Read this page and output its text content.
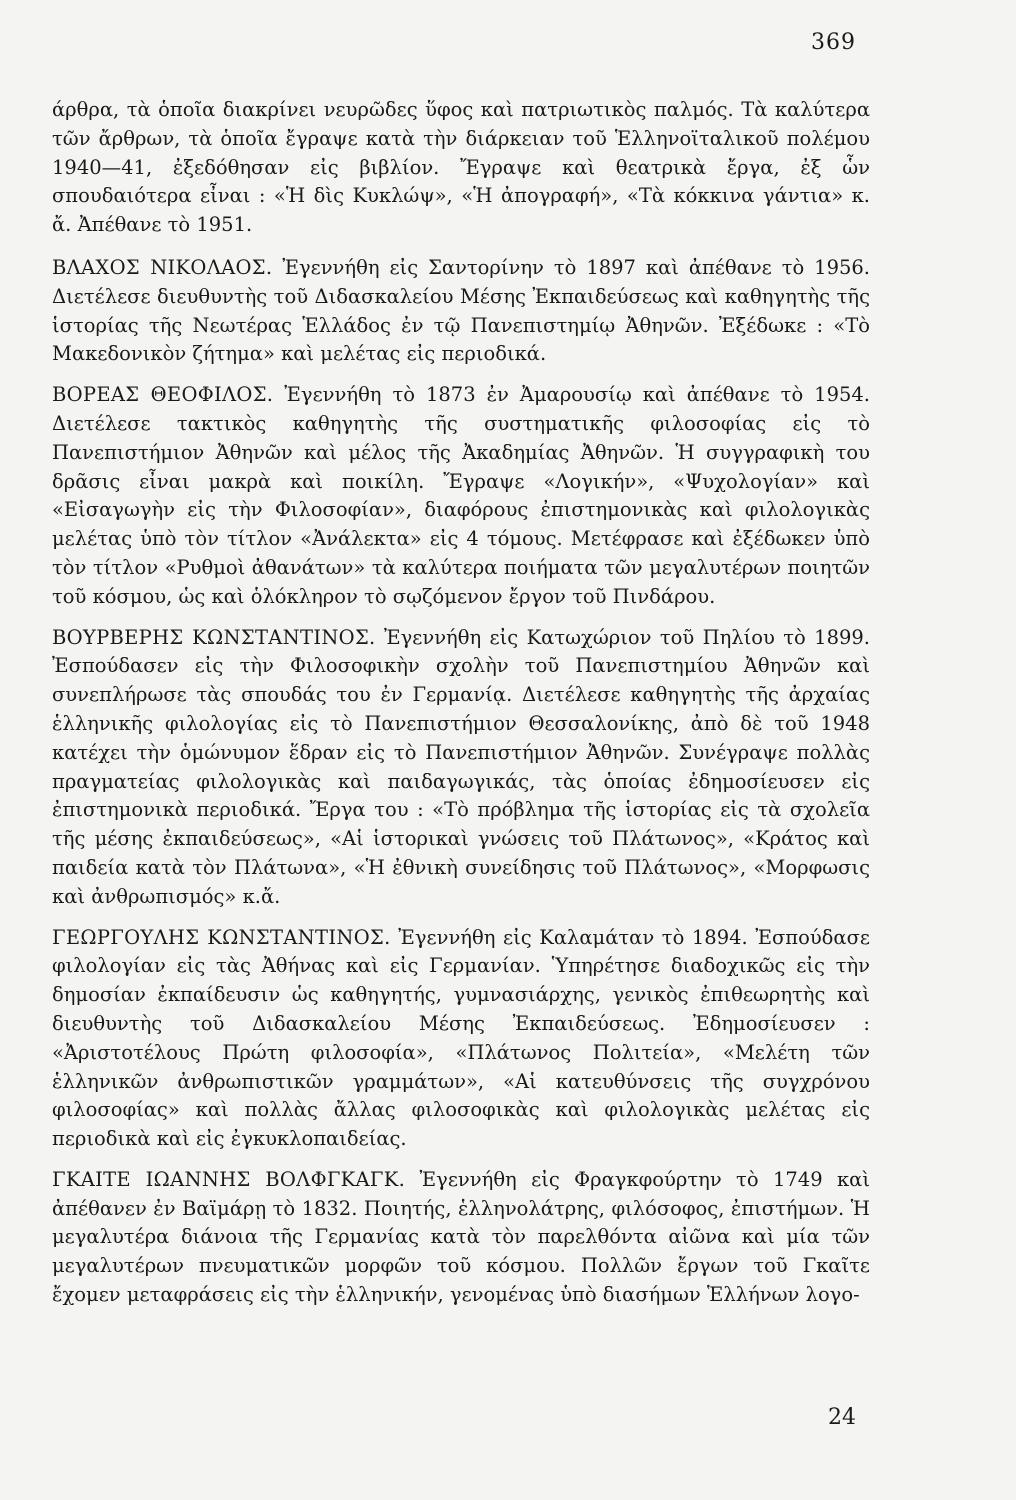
369

άρθρα, τὰ ὁποῖα διακρίνει νευρῶδες ὕφος καὶ πατριωτικὸς παλμός. Τὰ καλύτερα τῶν ἄρθρων, τὰ ὁποῖα ἔγραψε κατὰ τὴν διάρκειαν τοῦ Ἑλληνοϊταλικοῦ πολέμου 1940—41, ἐξεδόθησαν εἰς βιβλίον. Ἔγραψε καὶ θεατρικὰ ἔργα, ἐξ ὧν σπουδαιότερα εἶναι : «Ἡ δὶς Κυκλώψ», «Ἡ ἀπογραφή», «Τὰ κόκκινα γάντια» κ. ἄ. Ἀπέθανε τὸ 1951.

ΒΛΑΧΟΣ ΝΙΚΟΛΑΟΣ. Ἐγεννήθη εἰς Σαντορίνην τὸ 1897 καὶ ἀπέθανε τὸ 1956. Διετέλεσε διευθυντὴς τοῦ Διδασκαλείου Μέσης Ἐκπαιδεύσεως καὶ καθηγητὴς τῆς ἱστορίας τῆς Νεωτέρας Ἑλλάδος ἐν τῷ Πανεπιστημίῳ Ἀθηνῶν. Ἐξέδωκε : «Τὸ Μακεδονικὸν ζήτημα» καὶ μελέτας εἰς περιοδικά.

ΒΟΡΕΑΣ ΘΕΟΦΙΛΟΣ. Ἐγεννήθη τὸ 1873 ἐν Ἀμαρουσίῳ καὶ ἀπέθανε τὸ 1954. Διετέλεσε τακτικὸς καθηγητὴς τῆς συστηματικῆς φιλοσοφίας εἰς τὸ Πανεπιστήμιον Ἀθηνῶν καὶ μέλος τῆς Ἀκαδημίας Ἀθηνῶν. Ἡ συγγραφικὴ του δρᾶσις εἶναι μακρὰ καὶ ποικίλη. Ἔγραψε «Λογικήν», «Ψυχολογίαν» καὶ «Εἰσαγωγὴν εἰς τὴν Φιλοσοφίαν», διαφόρους ἐπιστημονικὰς καὶ φιλολογικὰς μελέτας ὑπὸ τὸν τίτλον «Ἀνάλεκτα» εἰς 4 τόμους. Μετέφρασε καὶ ἐξέδωκεν ὑπὸ τὸν τίτλον «Ρυθμοὶ ἀθανάτων» τὰ καλύτερα ποιήματα τῶν μεγαλυτέρων ποιητῶν τοῦ κόσμου, ὡς καὶ ὁλόκληρον τὸ σῳζόμενον ἔργον τοῦ Πινδάρου.

ΒΟΥΡΒΕΡΗΣ ΚΩΝΣΤΑΝΤΙΝΟΣ. Ἐγεννήθη εἰς Κατωχώριον τοῦ Πηλίου τὸ 1899. Ἐσπούδασεν εἰς τὴν Φιλοσοφικὴν σχολὴν τοῦ Πανεπιστημίου Ἀθηνῶν καὶ συνεπλήρωσε τὰς σπουδάς του ἐν Γερμανίᾳ. Διετέλεσε καθηγητὴς τῆς ἀρχαίας ἑλληνικῆς φιλολογίας εἰς τὸ Πανεπιστήμιον Θεσσαλονίκης, ἀπὸ δὲ τοῦ 1948 κατέχει τὴν ὁμώνυμον ἕδραν εἰς τὸ Πανεπιστήμιον Ἀθηνῶν. Συνέγραψε πολλὰς πραγματείας φιλολογικὰς καὶ παιδαγωγικάς, τὰς ὁποίας ἐδημοσίευσεν εἰς ἐπιστημονικὰ περιοδικά. Ἔργα του : «Τὸ πρόβλημα τῆς ἱστορίας εἰς τὰ σχολεῖα τῆς μέσης ἐκπαιδεύσεως», «Αἱ ἱστορικαὶ γνώσεις τοῦ Πλάτωνος», «Κράτος καὶ παιδεία κατὰ τὸν Πλάτωνα», «Ἡ ἐθνικὴ συνείδησις τοῦ Πλάτωνος», «Μορφωσις καὶ ἀνθρωπισμός» κ.ἄ.

ΓΕΩΡΓΟΥΛΗΣ ΚΩΝΣΤΑΝΤΙΝΟΣ. Ἐγεννήθη εἰς Καλαμάταν τὸ 1894. Ἐσπούδασε φιλολογίαν εἰς τὰς Ἀθήνας καὶ εἰς Γερμανίαν. Ὑπηρέτησε διαδοχικῶς εἰς τὴν δημοσίαν ἐκπαίδευσιν ὡς καθηγητής, γυμνασιάρχης, γενικὸς ἐπιθεωρητὴς καὶ διευθυντὴς τοῦ Διδασκαλείου Μέσης Ἐκπαιδεύσεως. Ἐδημοσίευσεν : «Ἀριστοτέλους Πρώτη φιλοσοφία», «Πλάτωνος Πολιτεία», «Μελέτη τῶν ἑλληνικῶν ἀνθρωπιστικῶν γραμμάτων», «Αἱ κατευθύνσεις τῆς συγχρόνου φιλοσοφίας» καὶ πολλὰς ἄλλας φιλοσοφικὰς καὶ φιλολογικὰς μελέτας εἰς περιοδικὰ καὶ εἰς ἐγκυκλοπαιδείας.

ΓΚΑΙΤΕ ΙΩΑΝΝΗΣ ΒΟΛΦΓΚΑΓΚ. Ἐγεννήθη εἰς Φραγκφούρτην τὸ 1749 καὶ ἀπέθανεν ἐν Βαϊμάρῃ τὸ 1832. Ποιητής, ἑλληνολάτρης, φιλόσοφος, ἐπιστήμων. Ἡ μεγαλυτέρα διάνοια τῆς Γερμανίας κατὰ τὸν παρελθόντα αἰῶνα καὶ μία τῶν μεγαλυτέρων πνευματικῶν μορφῶν τοῦ κόσμου. Πολλῶν ἔργων τοῦ Γκαῖτε ἔχομεν μεταφράσεις εἰς τὴν ἑλληνικήν, γενομένας ὑπὸ διασήμων Ἑλλήνων λογο-

24
